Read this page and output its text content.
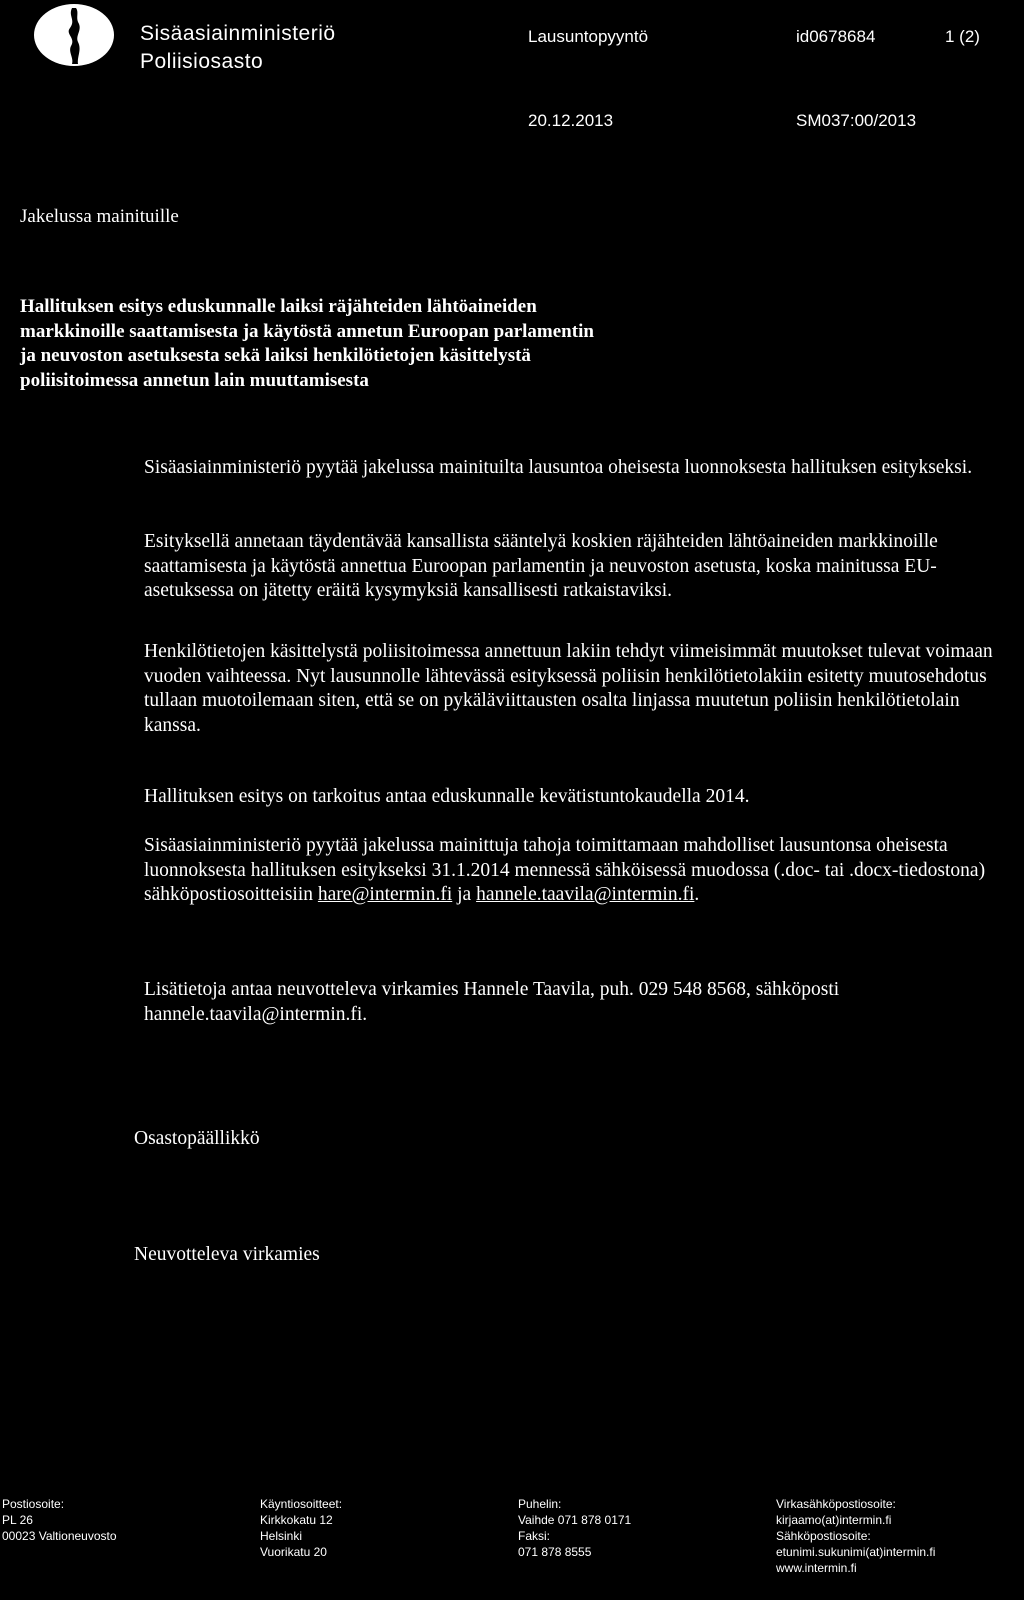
Sisäasiainministeriö
Poliisiosasto
Lausuntopyyntö	id0678684	1 (2)
20.12.2013	SM037:00/2013
Jakelussa mainituille
Hallituksen esitys eduskunnalle laiksi räjähteiden lähtöaineiden
markkinoille saattamisesta ja käytöstä annetun Euroopan parlamentin
ja neuvoston asetuksesta sekä laiksi henkilötietojen käsittelystä
poliisitoimessa annetun lain muuttamisesta

Sisäasiainministeriö pyytää jakelussa mainituilta lausuntoa oheisesta luonnoksesta hallituksen esitykseksi.

Esityksellä annetaan täydentävää kansallista sääntelyä koskien räjähteiden lähtöaineiden markkinoille saattamisesta ja käytöstä annettua Euroopan parlamentin ja neuvoston asetusta, koska mainitussa EU-asetuksessa on jätetty eräitä kysymyksiä kansallisesti ratkaistaviksi.

Henkilötietojen käsittelystä poliisitoimessa annettuun lakiin tehdyt viimeisimmät muutokset tulevat voimaan vuoden vaihteessa. Nyt lausunnolle lähtevässä esityksessä poliisin henkilötietolakiin esitetty muutosehdotus tullaan muotoilemaan siten, että se on pykäläviittausten osalta linjassa muutetun poliisin henkilötietolain kanssa.

Hallituksen esitys on tarkoitus antaa eduskunnalle kevätistuntokaudella 2014.

Sisäasiainministeriö pyytää jakelussa mainittuja tahoja toimittamaan mahdolliset lausuntonsa oheisesta luonnoksesta hallituksen esitykseksi 31.1.2014 mennessä sähköisessä muodossa (.doc- tai .docx-tiedostona) sähköpostiosoitteisiin hare@intermin.fi ja hannele.taavila@intermin.fi.

Lisätietoja antaa neuvotteleva virkamies Hannele Taavila, puh. 029 548 8568, sähköposti hannele.taavila@intermin.fi.

Osastopäällikkö
Neuvotteleva virkamies
Postiosoite:
PL 26
00023 Valtioneuvosto
Käyntiosoitteet:
Kirkkokatu 12
Helsinki
Vuorikatu 20
Puhelin:
Vaihde 071 878 0171
Faksi:
071 878 8555
Virkasähköpostiosoite:
kirjaamo(at)intermin.fi
Sähköpostiosoite:
etunimi.sukunimi(at)intermin.fi
www.intermin.fi
